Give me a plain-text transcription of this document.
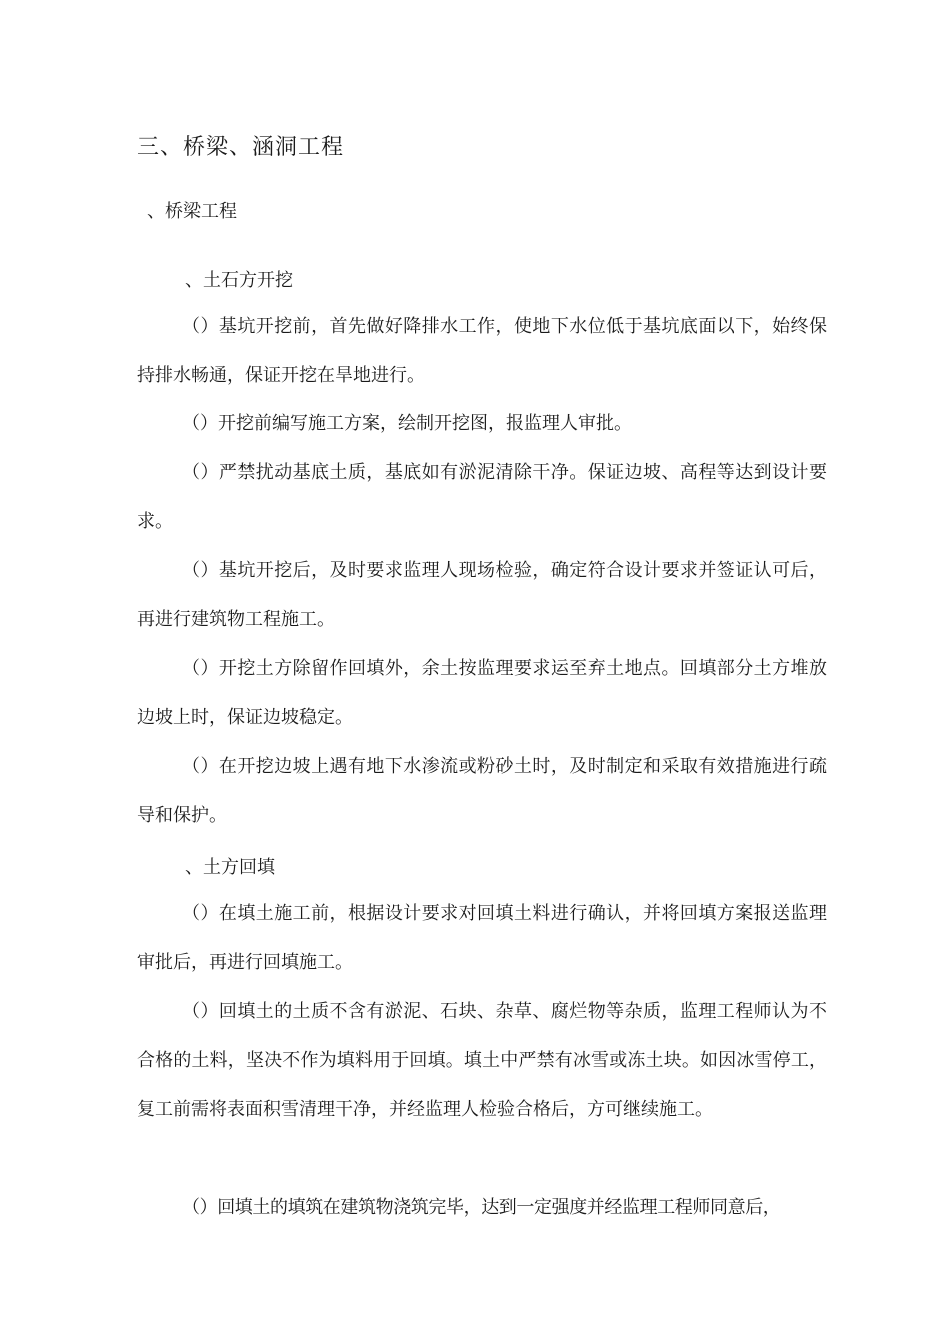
三、桥梁、涵洞工程
、桥梁工程
、土石方开挖

（）基坑开挖前，首先做好降排水工作，使地下水位低于基坑底面以下，始终保持排水畅通，保证开挖在旱地进行。

（）开挖前编写施工方案，绘制开挖图，报监理人审批。

（）严禁扰动基底土质，基底如有淤泥清除干净。保证边坡、高程等达到设计要求。

（）基坑开挖后，及时要求监理人现场检验，确定符合设计要求并签证认可后，再进行建筑物工程施工。

（）开挖土方除留作回填外，余土按监理要求运至弃土地点。回填部分土方堆放边坡上时，保证边坡稳定。

（）在开挖边坡上遇有地下水渗流或粉砂土时，及时制定和采取有效措施进行疏导和保护。

、土方回填

（）在填土施工前，根据设计要求对回填土料进行确认，并将回填方案报送监理审批后，再进行回填施工。

（）回填土的土质不含有淤泥、石块、杂草、腐烂物等杂质，监理工程师认为不合格的土料，坚决不作为填料用于回填。填土中严禁有冰雪或冻土块。如因冰雪停工，复工前需将表面积雪清理干净，并经监理人检验合格后，方可继续施工。

（）回填土的填筑在建筑物浇筑完毕，达到一定强度并经监理工程师同意后，
